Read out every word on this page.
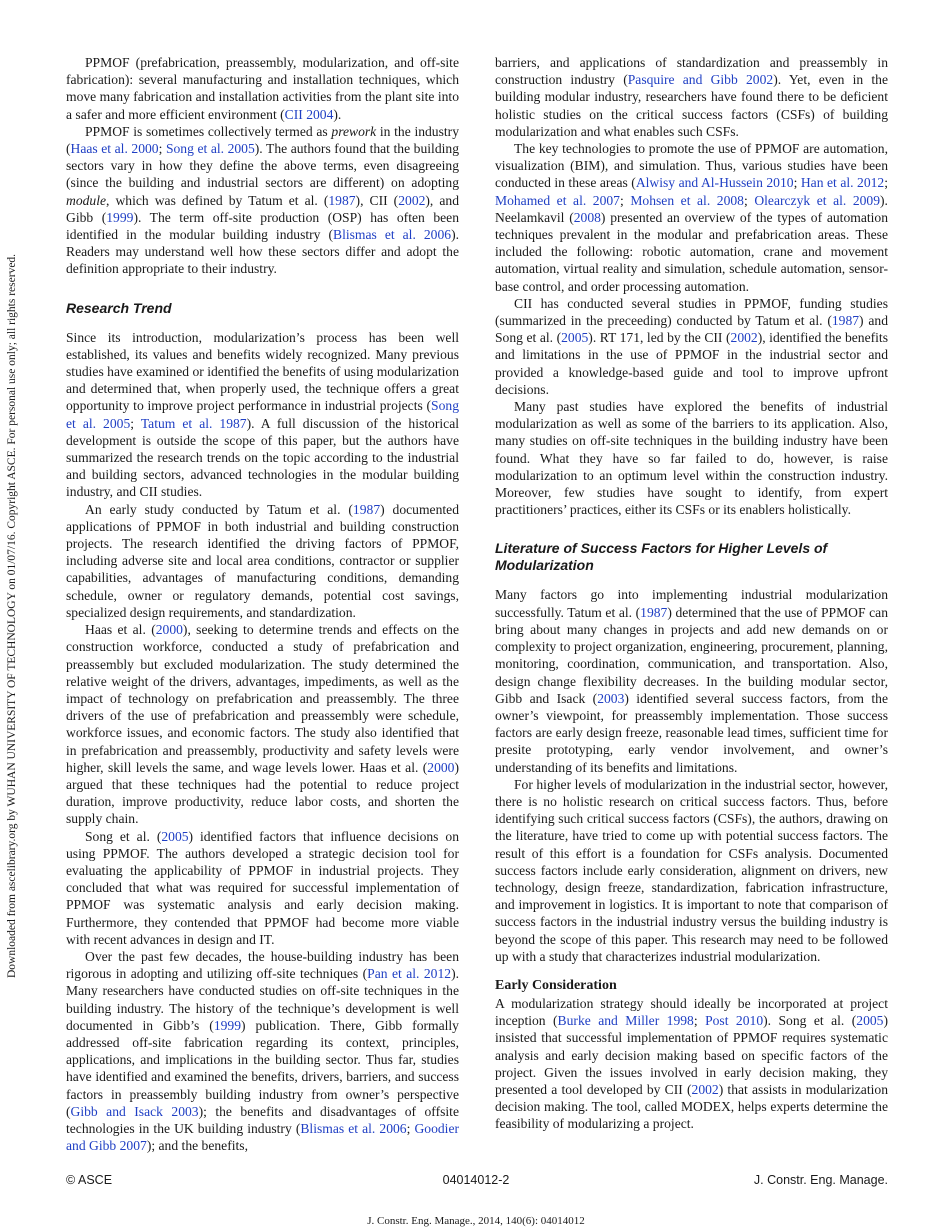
Downloaded from ascelibrary.org by WUHAN UNIVERSITY OF TECHNOLOGY on 01/07/16. Copyright ASCE. For personal use only; all rights reserved.

PPMOF (prefabrication, preassembly, modularization, and off-site fabrication): several manufacturing and installation techniques, which move many fabrication and installation activities from the plant site into a safer and more efficient environment (CII 2004).

PPMOF is sometimes collectively termed as prework in the industry (Haas et al. 2000; Song et al. 2005). The authors found that the building sectors vary in how they define the above terms, even disagreeing (since the building and industrial sectors are different) on adopting module, which was defined by Tatum et al. (1987), CII (2002), and Gibb (1999). The term off-site production (OSP) has often been identified in the modular building industry (Blismas et al. 2006). Readers may understand well how these sectors differ and adopt the definition appropriate to their industry.

Research Trend

Since its introduction, modularization’s process has been well established, its values and benefits widely recognized. Many previous studies have examined or identified the benefits of using modularization and determined that, when properly used, the technique offers a great opportunity to improve project performance in industrial projects (Song et al. 2005; Tatum et al. 1987). A full discussion of the historical development is outside the scope of this paper, but the authors have summarized the research trends on the topic according to the industrial and building sectors, advanced technologies in the modular building industry, and CII studies.

An early study conducted by Tatum et al. (1987) documented applications of PPMOF in both industrial and building construction projects. The research identified the driving factors of PPMOF, including adverse site and local area conditions, contractor or supplier capabilities, advantages of manufacturing conditions, demanding schedule, owner or regulatory demands, potential cost savings, specialized design requirements, and standardization.

Haas et al. (2000), seeking to determine trends and effects on the construction workforce, conducted a study of prefabrication and preassembly but excluded modularization. The study determined the relative weight of the drivers, advantages, impediments, as well as the impact of technology on prefabrication and preassembly. The three drivers of the use of prefabrication and preassembly were schedule, workforce issues, and economic factors. The study also identified that in prefabrication and preassembly, productivity and safety levels were higher, skill levels the same, and wage levels lower. Haas et al. (2000) argued that these techniques had the potential to reduce project duration, improve productivity, reduce labor costs, and shorten the supply chain.

Song et al. (2005) identified factors that influence decisions on using PPMOF. The authors developed a strategic decision tool for evaluating the applicability of PPMOF in industrial projects. They concluded that what was required for successful implementation of PPMOF was systematic analysis and early decision making. Furthermore, they contended that PPMOF had become more viable with recent advances in design and IT.

Over the past few decades, the house-building industry has been rigorous in adopting and utilizing off-site techniques (Pan et al. 2012). Many researchers have conducted studies on off-site techniques in the building industry. The history of the technique’s development is well documented in Gibb’s (1999) publication. There, Gibb formally addressed off-site fabrication regarding its context, principles, applications, and implications in the building sector. Thus far, studies have identified and examined the benefits, drivers, barriers, and success factors in preassembly building industry from owner’s perspective (Gibb and Isack 2003); the benefits and disadvantages of offsite technologies in the UK building industry (Blismas et al. 2006; Goodier and Gibb 2007); and the benefits,

barriers, and applications of standardization and preassembly in construction industry (Pasquire and Gibb 2002). Yet, even in the building modular industry, researchers have found there to be deficient holistic studies on the critical success factors (CSFs) of building modularization and what enables such CSFs.

The key technologies to promote the use of PPMOF are automation, visualization (BIM), and simulation. Thus, various studies have been conducted in these areas (Alwisy and Al-Hussein 2010; Han et al. 2012; Mohamed et al. 2007; Mohsen et al. 2008; Olearczyk et al. 2009). Neelamkavil (2008) presented an overview of the types of automation techniques prevalent in the modular and prefabrication areas. These included the following: robotic automation, crane and movement automation, virtual reality and simulation, schedule automation, sensor-base control, and order processing automation.

CII has conducted several studies in PPMOF, funding studies (summarized in the preceeding) conducted by Tatum et al. (1987) and Song et al. (2005). RT 171, led by the CII (2002), identified the benefits and limitations in the use of PPMOF in the industrial sector and provided a knowledge-based guide and tool to improve upfront decisions.

Many past studies have explored the benefits of industrial modularization as well as some of the barriers to its application. Also, many studies on off-site techniques in the building industry have been found. What they have so far failed to do, however, is raise modularization to an optimum level within the construction industry. Moreover, few studies have sought to identify, from expert practitioners’ practices, either its CSFs or its enablers holistically.

Literature of Success Factors for Higher Levels of Modularization

Many factors go into implementing industrial modularization successfully. Tatum et al. (1987) determined that the use of PPMOF can bring about many changes in projects and add new demands on or complexity to project organization, engineering, procurement, planning, monitoring, coordination, communication, and transportation. Also, design change flexibility decreases. In the building modular sector, Gibb and Isack (2003) identified several success factors, from the owner’s viewpoint, for preassembly implementation. Those success factors are early design freeze, reasonable lead times, sufficient time for presite prototyping, early vendor involvement, and owner’s understanding of its benefits and limitations.

For higher levels of modularization in the industrial sector, however, there is no holistic research on critical success factors. Thus, before identifying such critical success factors (CSFs), the authors, drawing on the literature, have tried to come up with potential success factors. The result of this effort is a foundation for CSFs analysis. Documented success factors include early consideration, alignment on drivers, new technology, design freeze, standardization, fabrication infrastructure, and improvement in logistics. It is important to note that comparison of success factors in the industrial industry versus the building industry is beyond the scope of this paper. This research may need to be followed up with a study that characterizes industrial modularization.

Early Consideration

A modularization strategy should ideally be incorporated at project inception (Burke and Miller 1998; Post 2010). Song et al. (2005) insisted that successful implementation of PPMOF requires systematic analysis and early decision making based on specific factors of the project. Given the issues involved in early decision making, they presented a tool developed by CII (2002) that assists in modularization decision making. The tool, called MODEX, helps experts determine the feasibility of modularizing a project.

© ASCE	04014012-2	J. Constr. Eng. Manage.
J. Constr. Eng. Manage., 2014, 140(6): 04014012
